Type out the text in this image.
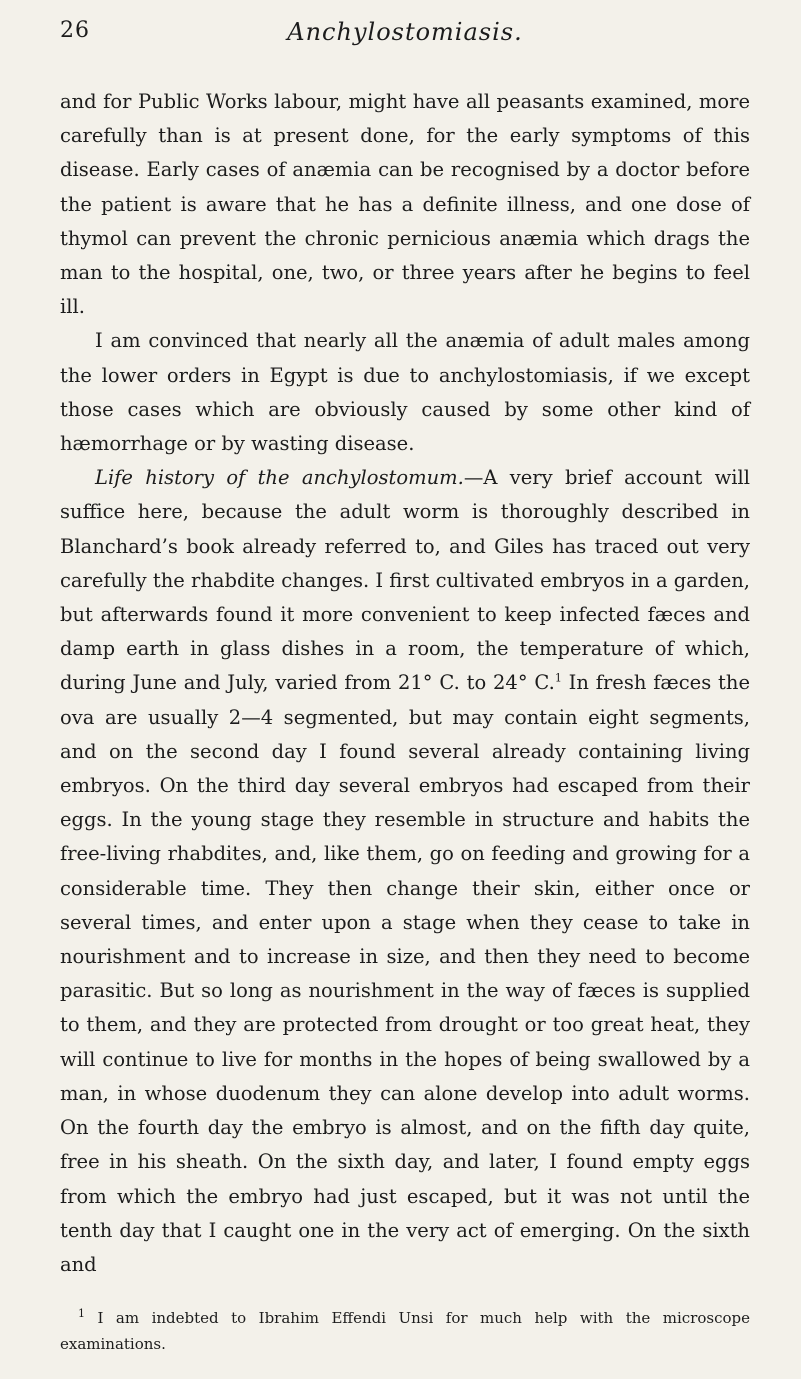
26	Anchylostomiasis.

and for Public Works labour, might have all peasants examined, more carefully than is at present done, for the early symptoms of this disease. Early cases of anæmia can be recognised by a doctor before the patient is aware that he has a definite illness, and one dose of thymol can prevent the chronic pernicious anæmia which drags the man to the hospital, one, two, or three years after he begins to feel ill.

I am convinced that nearly all the anæmia of adult males among the lower orders in Egypt is due to anchylostomiasis, if we except those cases which are obviously caused by some other kind of hæmorrhage or by wasting disease.

Life history of the anchylostomum.—A very brief account will suffice here, because the adult worm is thoroughly described in Blanchard’s book already referred to, and Giles has traced out very carefully the rhabdite changes. I first cultivated embryos in a garden, but afterwards found it more convenient to keep infected fæces and damp earth in glass dishes in a room, the temperature of which, during June and July, varied from 21° C. to 24° C.$^1$ In fresh fæces the ova are usually 2—4 segmented, but may contain eight segments, and on the second day I found several already containing living embryos. On the third day several embryos had escaped from their eggs. In the young stage they resemble in structure and habits the free-living rhabdites, and, like them, go on feeding and growing for a considerable time. They then change their skin, either once or several times, and enter upon a stage when they cease to take in nourishment and to increase in size, and then they need to become parasitic. But so long as nourishment in the way of fæces is supplied to them, and they are protected from drought or too great heat, they will continue to live for months in the hopes of being swallowed by a man, in whose duodenum they can alone develop into adult worms. On the fourth day the embryo is almost, and on the fifth day quite, free in his sheath. On the sixth day, and later, I found empty eggs from which the embryo had just escaped, but it was not until the tenth day that I caught one in the very act of emerging. On the sixth and

$^1$ I am indebted to Ibrahim Effendi Unsi for much help with the microscope examinations.
